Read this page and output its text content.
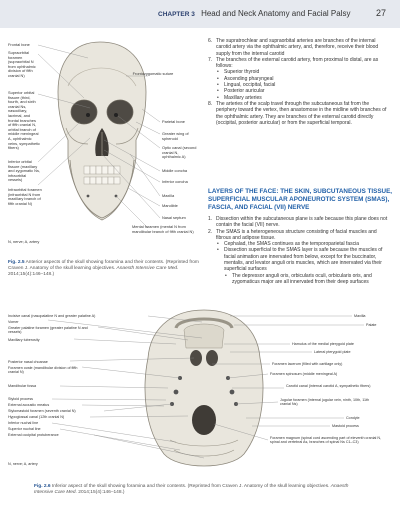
CHAPTER 3 Head and Neck Anatomy and Facial Palsy	27
Frontal bone
Supraorbital foramen (supraorbital N from ophthalmic division of fifth cranial N)
Superior orbital fissure (third, fourth, and sixth cranial Ns, nasociliary, lacrimal, and frontal branches of fifth cranial N, orbital branch of middle meningeal A, ophthalmic veins, sympathetic fibers)
Inferior orbital fissure (maxillary and zygomatic Ns, infraorbital vessels)
Infraorbital foramen (infraorbital N from maxillary branch of fifth cranial N)
N, nerve; A, artery
Frontozygomatic suture
Parietal bone
Greater wing of sphenoid
Optic canal (second cranial N, ophthalmic A)
Middle concha
Inferior concha
Maxilla
Mandible
Nasal septum
Mental foramen (mental N from mandibular branch of fifth cranial N)
Fig. 2.5 Anterior aspects of the skull showing foramina and their contents. (Reprinted from Craven J. Anatomy of the skull learning objectives. Anaesth Intensive Care Med. 2014;15(4):146–148.)

6. The supratrochlear and supraorbital arteries are branches of the internal carotid artery via the ophthalmic artery, and, therefore, receive their blood supply from the internal carotid

7. The branches of the external carotid artery, from proximal to distal, are as follows:

• Superior thyroid

• Ascending pharyngeal

• Lingual, occipital, facial

• Posterior auricular

• Maxillary arteries

8. The arteries of the scalp travel through the subcutaneous fat from the periphery toward the vertex, then anastomose in the midline with branches of the ophthalmic artery. They are branches of the external carotid directly (occipital, posterior auricular) or from the superficial temporal.

LAYERS OF THE FACE: THE SKIN, SUBCUTANEOUS TISSUE, SUPERFICIAL MUSCULAR APONEUROTIC SYSTEM (SMAS), FASCIA, AND FACIAL (VII) NERVE

1. Dissection within the subcutaneous plane is safe because this plane does not contain the facial (VII) nerve.

2. The SMAS is a heterogeneous structure consisting of facial muscles and fibrous and adipose tissue.

• Cephalad, the SMAS continues as the temporoparietal fascia

• Dissection superficial to the SMAS layer is safe because the muscles of facial animation are innervated from below, except for the buccinator, mentalis, and levator anguli oris muscles, which are innervated via their superficial surfaces

• The depressor anguli oris, orbicularis oculi, orbicularis oris, and zygomaticus major are all innervated from their deep surfaces

Incisive canal (nasopalatine N and greater palatine A)
Vomer
Greater palatine foramen (greater palatine N and vessels)
Maxillary tuberosity
Posterior nasal choanae
Foramen ovale (mandibular division of fifth cranial N)
Mandibular fossa
Styloid process
External acoustic meatus
Stylomastoid foramen (seventh cranial N)
Hypoglossal canal (12th cranial N)
Inferior nuchal line
Superior nuchal line
External occipital protuberance
N, nerve; A, artery
Maxilla
Palate
Hamulus of the medial pterygoid plate
Lateral pterygoid plate
Foramen lacerum (filled with cartilage only)
Foramen spinosum (middle meningeal A)
Carotid canal (internal carotid A, sympathetic fibers)
Jugular foramen (internal jugular vein, ninth, 10th, 11th cranial Ns)
Condyle
Mastoid process
Foramen magnum (spinal cord ascending part of eleventh cranial N, spinal and vertebral As, branches of spinal Ns C1–C3)
Fig. 2.6 Inferior aspect of the skull showing foramina and their contents. (Reprinted from Craven J. Anatomy of the skull learning objectives. Anaesth Intensive Care Med. 2014;15(4):146–148.)
